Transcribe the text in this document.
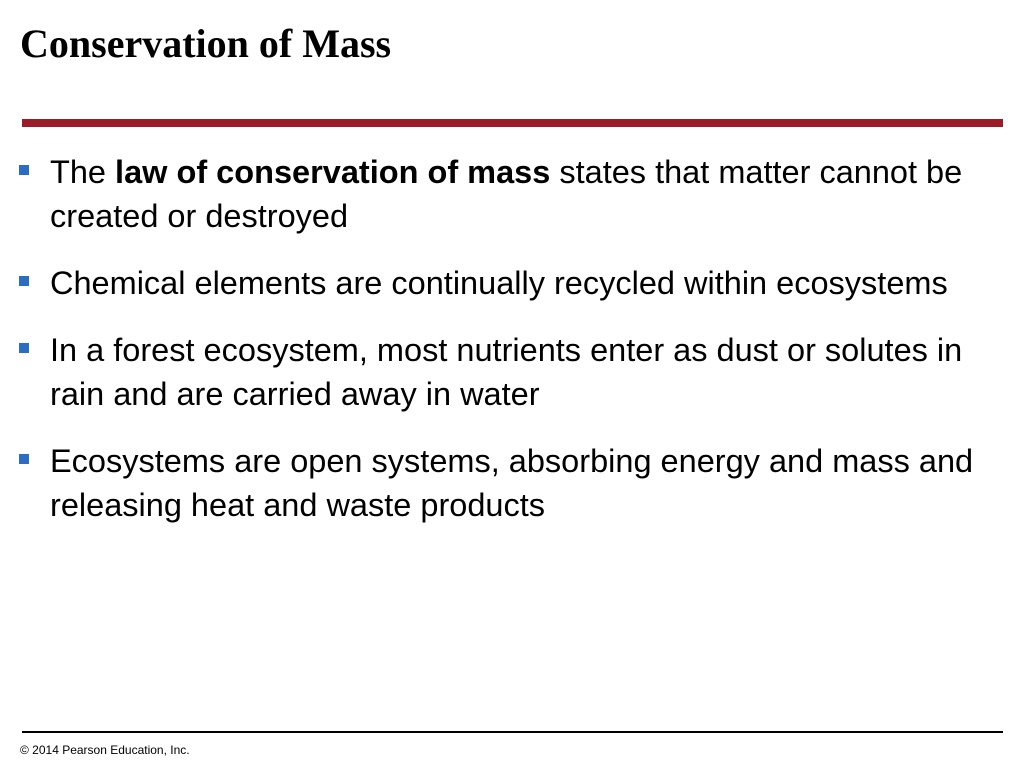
Conservation of Mass
The law of conservation of mass states that matter cannot be created or destroyed
Chemical elements are continually recycled within ecosystems
In a forest ecosystem, most nutrients enter as dust or solutes in rain and are carried away in water
Ecosystems are open systems, absorbing energy and mass and releasing heat and waste products
© 2014 Pearson Education, Inc.
